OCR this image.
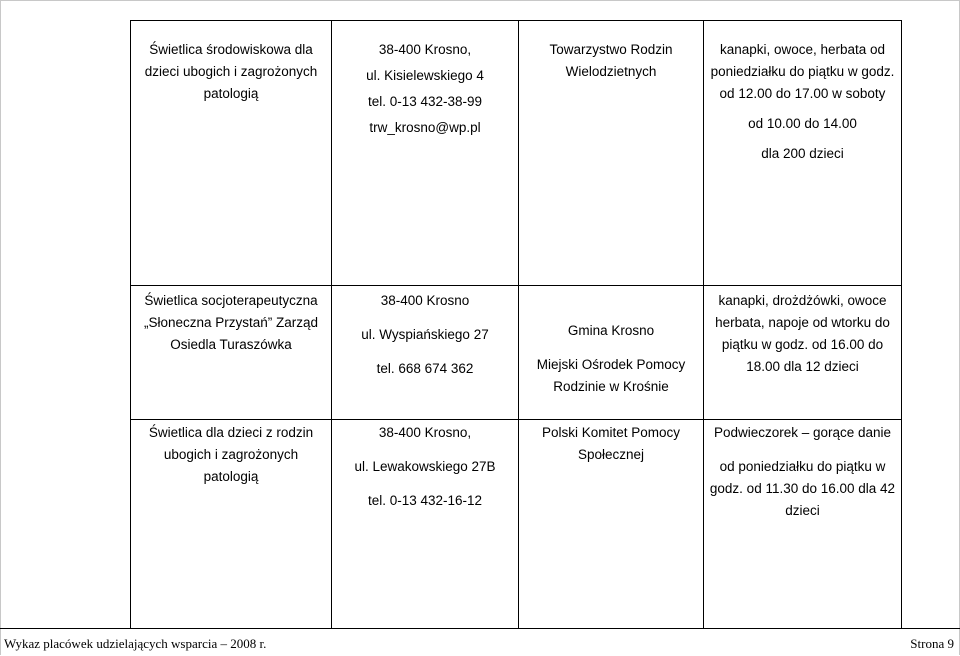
Świetlica środowiskowa dla
dzieci ubogich i zagrożonych
patologią	38-400 Krosno,
ul. Kisielewskiego 4
tel. 0-13 432-38-99
trw_krosno@wp.pl	Towarzystwo Rodzin
Wielodzietnych	kanapki, owoce, herbata od
poniedziałku do piątku w godz.
od 12.00 do 17.00 w soboty
od 10.00 do 14.00
dla 200 dzieci

Świetlica socjoterapeutyczna
„Słoneczna Przystań” Zarząd
Osiedla Turaszówka	38-400 Krosno
ul. Wyspiańskiego 27
tel. 668 674 362	Gmina Krosno
Miejski Ośrodek Pomocy
Rodzinie w Krośnie	kanapki, drożdżówki, owoce
herbata, napoje od wtorku do
piątku w godz. od 16.00 do
18.00 dla 12 dzieci

Świetlica dla dzieci z rodzin
ubogich i zagrożonych
patologią	38-400 Krosno,
ul. Lewakowskiego 27B
tel. 0-13 432-16-12	Polski Komitet Pomocy
Społecznej	Podwieczorek – gorące danie
od poniedziałku do piątku w
godz. od 11.30 do 16.00 dla 42
dzieci
Wykaz placówek udzielających wsparcia – 2008 r.	Strona 9
